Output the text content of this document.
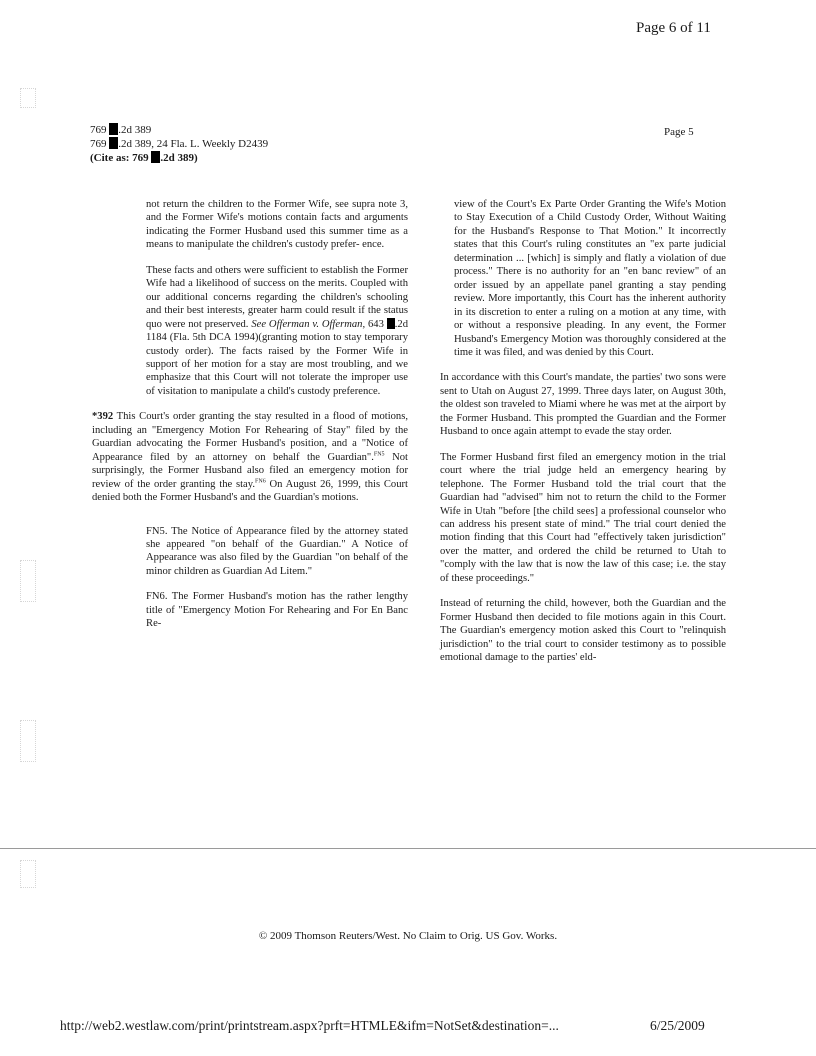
Page 6 of 11
769 .2d 389
769 .2d 389, 24 Fla. L. Weekly D2439
(Cite as: 769 .2d 389)
Page 5

not return the children to the Former Wife, see supra note 3, and the Former Wife's motions contain facts and arguments indicating the Former Husband used this summer time as a means to manipulate the children's custody prefer- ence.

These facts and others were sufficient to establish the Former Wife had a likelihood of success on the merits. Coupled with our additional concerns regarding the children's schooling and their best interests, greater harm could result if the status quo were not preserved. See Offerman v. Offerman, 643 .2d 1184 (Fla. 5th DCA 1994)(granting motion to stay temporary custody order). The facts raised by the Former Wife in support of her motion for a stay are most troubling, and we emphasize that this Court will not tolerate the improper use of visitation to manipulate a child's custody preference.

*392 This Court's order granting the stay resulted in a flood of motions, including an "Emergency Motion For Rehearing of Stay" filed by the Guardian advocating the Former Husband's position, and a "Notice of Appearance filed by an attorney on behalf the Guardian".$^{FN5}$ Not surprisingly, the Former Husband also filed an emergency motion for review of the order granting the stay.$^{FN6}$ On August 26, 1999, this Court denied both the Former Husband's and the Guardian's motions.

FN5. The Notice of Appearance filed by the attorney stated she appeared "on behalf of the Guardian." A Notice of Appearance was also filed by the Guardian "on behalf of the minor children as Guardian Ad Litem."

FN6. The Former Husband's motion has the rather lengthy title of "Emergency Motion For Rehearing and For En Banc Re-

view of the Court's Ex Parte Order Granting the Wife's Motion to Stay Execution of a Child Custody Order, Without Waiting for the Husband's Response to That Motion." It incorrectly states that this Court's ruling constitutes an "ex parte judicial determination ... [which] is simply and flatly a violation of due process." There is no authority for an "en banc review" of an order issued by an appellate panel granting a stay pending review. More importantly, this Court has the inherent authority in its discretion to enter a ruling on a motion at any time, with or without a responsive pleading. In any event, the Former Husband's Emergency Motion was thoroughly considered at the time it was filed, and was denied by this Court.

In accordance with this Court's mandate, the parties' two sons were sent to Utah on August 27, 1999. Three days later, on August 30th, the oldest son traveled to Miami where he was met at the airport by the Former Husband. This prompted the Guardian and the Former Husband to once again attempt to evade the stay order.

The Former Husband first filed an emergency motion in the trial court where the trial judge held an emergency hearing by telephone. The Former Husband told the trial court that the Guardian had "advised" him not to return the child to the Former Wife in Utah "before [the child sees] a professional counselor who can address his present state of mind." The trial court denied the motion finding that this Court had "effectively taken jurisdiction" over the matter, and ordered the child be returned to Utah to "comply with the law that is now the law of this case; i.e. the stay of these proceedings."

Instead of returning the child, however, both the Guardian and the Former Husband then decided to file motions again in this Court. The Guardian's emergency motion asked this Court to "relinquish jurisdiction" to the trial court to consider testimony as to possible emotional damage to the parties' eld-

© 2009 Thomson Reuters/West. No Claim to Orig. US Gov. Works.
http://web2.westlaw.com/print/printstream.aspx?prft=HTMLE&ifm=NotSet&destination=...	6/25/2009
